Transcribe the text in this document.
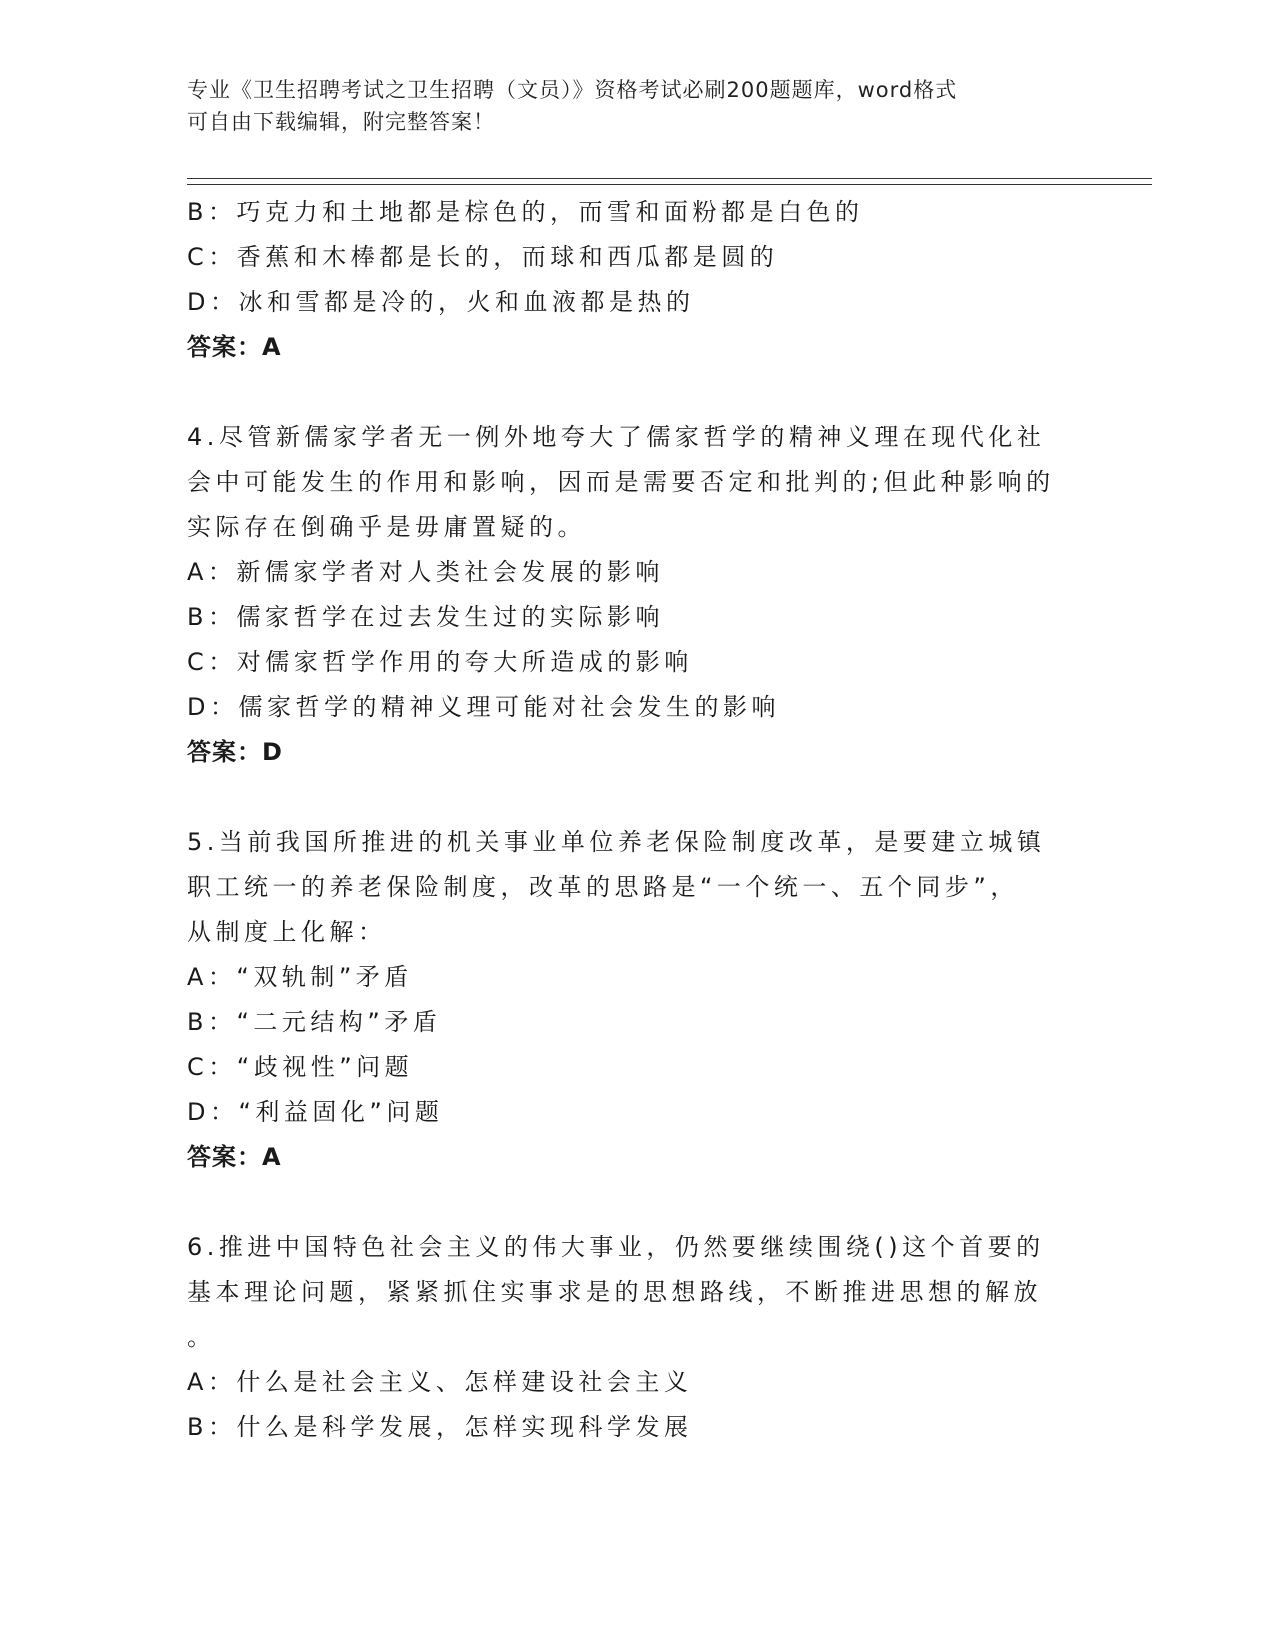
专业《卫生招聘考试之卫生招聘（文员）》资格考试必刷200题题库，word格式
可自由下载编辑，附完整答案！
B：巧克力和土地都是棕色的，而雪和面粉都是白色的
C：香蕉和木棒都是长的，而球和西瓜都是圆的
D：冰和雪都是冷的，火和血液都是热的
答案：A
4.尽管新儒家学者无一例外地夸大了儒家哲学的精神义理在现代化社
会中可能发生的作用和影响，因而是需要否定和批判的;但此种影响的
实际存在倒确乎是毋庸置疑的。
A：新儒家学者对人类社会发展的影响
B：儒家哲学在过去发生过的实际影响
C：对儒家哲学作用的夸大所造成的影响
D：儒家哲学的精神义理可能对社会发生的影响
答案：D
5.当前我国所推进的机关事业单位养老保险制度改革，是要建立城镇
职工统一的养老保险制度，改革的思路是“一个统一、五个同步”，
从制度上化解：
A：“双轨制”矛盾
B：“二元结构”矛盾
C：“歧视性”问题
D：“利益固化”问题
答案：A
6.推进中国特色社会主义的伟大事业，仍然要继续围绕()这个首要的
基本理论问题，紧紧抓住实事求是的思想路线，不断推进思想的解放
。
A：什么是社会主义、怎样建设社会主义
B：什么是科学发展，怎样实现科学发展
